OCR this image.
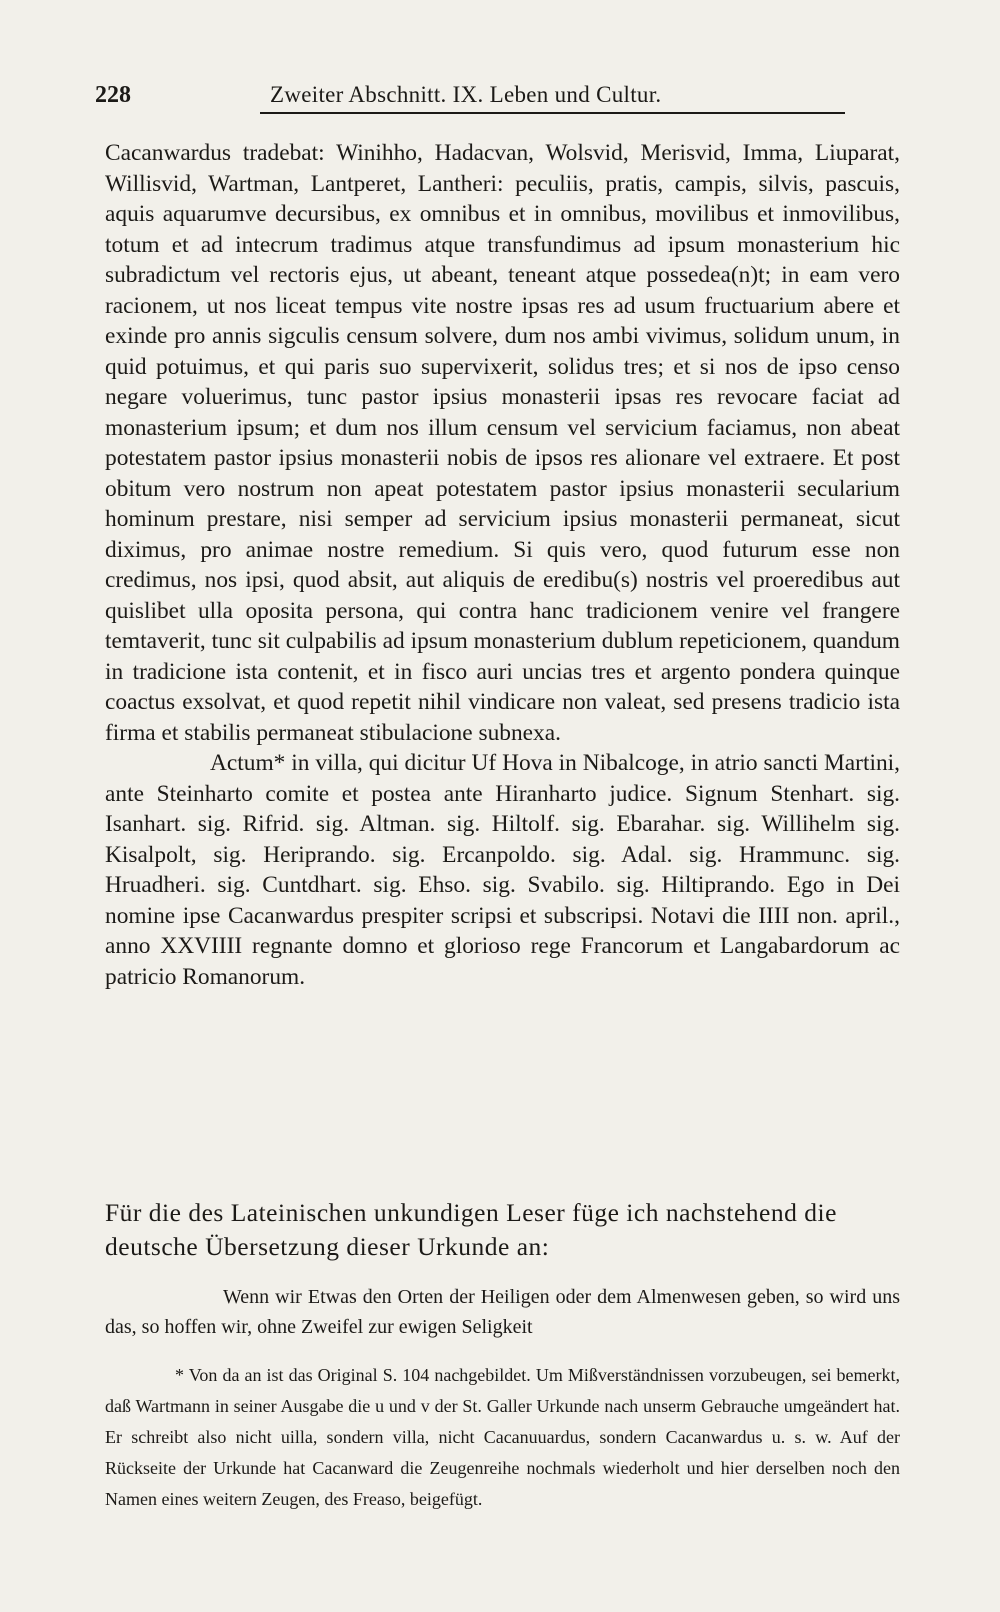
228	Zweiter Abschnitt. IX. Leben und Cultur.

Cacanwardus tradebat: Winihho, Hadacvan, Wolsvid, Merisvid, Imma, Liuparat, Willisvid, Wartman, Lantperet, Lantheri: peculiis, pratis, campis, silvis, pascuis, aquis aquarumve decursibus, ex omnibus et in omnibus, movilibus et inmovilibus, totum et ad intecrum tradimus atque transfundimus ad ipsum monasterium hic subradictum vel rectoris ejus, ut abeant, teneant atque possedea(n)t; in eam vero racionem, ut nos liceat tempus vite nostre ipsas res ad usum fructuarium abere et exinde pro annis sigculis censum solvere, dum nos ambi vivimus, solidum unum, in quid potuimus, et qui paris suo supervixerit, solidus tres; et si nos de ipso censo negare voluerimus, tunc pastor ipsius monasterii ipsas res revocare faciat ad monasterium ipsum; et dum nos illum censum vel servicium faciamus, non abeat potestatem pastor ipsius monasterii nobis de ipsos res alionare vel extraere. Et post obitum vero nostrum non apeat potestatem pastor ipsius monasterii secularium hominum prestare, nisi semper ad servicium ipsius monasterii permaneat, sicut diximus, pro animae nostre remedium. Si quis vero, quod futurum esse non credimus, nos ipsi, quod absit, aut aliquis de eredibu(s) nostris vel proeredibus aut quislibet ulla oposita persona, qui contra hanc tradicionem venire vel frangere temtaverit, tunc sit culpabilis ad ipsum monasterium dublum repeticionem, quandum in tradicione ista contenit, et in fisco auri uncias tres et argento pondera quinque coactus exsolvat, et quod repetit nihil vindicare non valeat, sed presens tradicio ista firma et stabilis permaneat stibulacione subnexa.

Actum* in villa, qui dicitur Uf Hova in Nibalcoge, in atrio sancti Martini, ante Steinharto comite et postea ante Hiranharto judice. Signum Stenhart. sig. Isanhart. sig. Rifrid. sig. Altman. sig. Hiltolf. sig. Ebarahar. sig. Willihelm sig. Kisalpolt, sig. Heriprando. sig. Ercanpoldo. sig. Adal. sig. Hrammunc. sig. Hruadheri. sig. Cuntdhart. sig. Ehso. sig. Svabilo. sig. Hiltiprando. Ego in Dei nomine ipse Cacanwardus prespiter scripsi et subscripsi. Notavi die IIII non. april., anno XXVIIII regnante domno et glorioso rege Francorum et Langabardorum ac patricio Romanorum.

Für die des Lateinischen unkundigen Leser füge ich nachstehend die deutsche Übersetzung dieser Urkunde an:

Wenn wir Etwas den Orten der Heiligen oder dem Almenwesen geben, so wird uns das, so hoffen wir, ohne Zweifel zur ewigen Seligkeit

* Von da an ist das Original S. 104 nachgebildet. Um Mißverständnissen vorzubeugen, sei bemerkt, daß Wartmann in seiner Ausgabe die u und v der St. Galler Urkunde nach unserm Gebrauche umgeändert hat. Er schreibt also nicht uilla, sondern villa, nicht Cacanuuardus, sondern Cacanwardus u. s. w. Auf der Rückseite der Urkunde hat Cacanward die Zeugenreihe nochmals wiederholt und hier derselben noch den Namen eines weitern Zeugen, des Freaso, beigefügt.
